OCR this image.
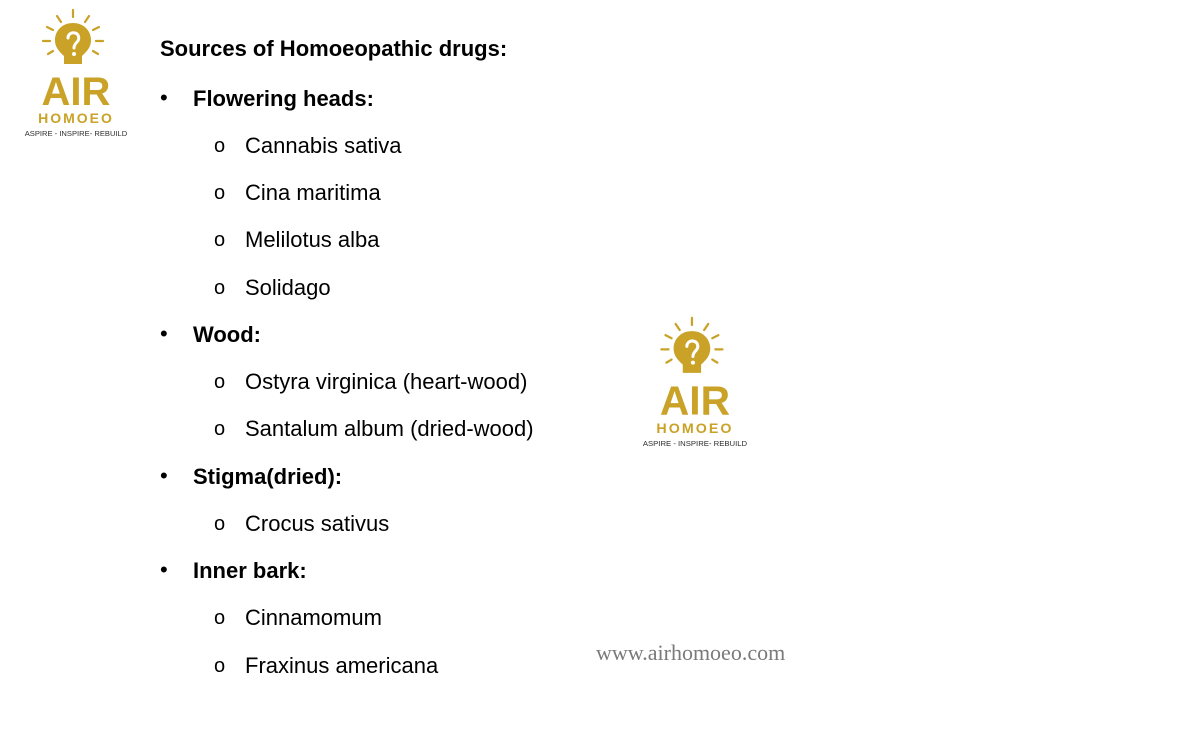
AIR
HOMOEO
ASPIRE - INSPIRE- REBUILD
AIR
HOMOEO
ASPIRE - INSPIRE- REBUILD
Sources of Homoeopathic drugs:
• Flowering heads:
o Cannabis sativa
o Cina maritima
o Melilotus alba
o Solidago
• Wood:
o Ostyra virginica (heart-wood)
o Santalum album (dried-wood)
• Stigma(dried):
o Crocus sativus
• Inner bark:
o Cinnamomum
o Fraxinus americana
www.airhomoeo.com
